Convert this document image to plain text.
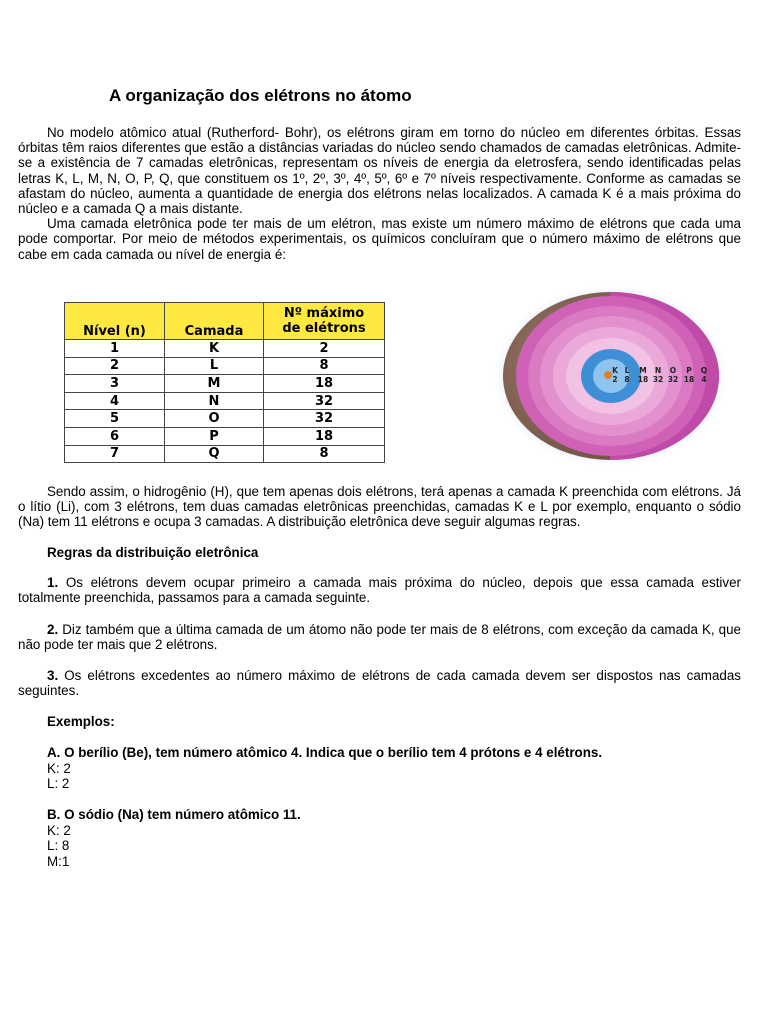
A organização dos elétrons no átomo

No modelo atômico atual (Rutherford- Bohr), os elétrons giram em torno do núcleo em diferentes órbitas. Essas órbitas têm raios diferentes que estão a distâncias variadas do núcleo sendo chamados de camadas eletrônicas. Admite-se a existência de 7 camadas eletrônicas, representam os níveis de energia da eletrosfera, sendo identificadas pelas letras K, L, M, N, O, P, Q, que constituem os 1º, 2º, 3º, 4º, 5º, 6º e 7º níveis respectivamente. Conforme as camadas se afastam do núcleo, aumenta a quantidade de energia dos elétrons nelas localizados. A camada K é a mais próxima do núcleo e a camada Q a mais distante.

Uma camada eletrônica pode ter mais de um elétron, mas existe um número máximo de elétrons que cada uma pode comportar. Por meio de métodos experimentais, os químicos concluíram que o número máximo de elétrons que cabe em cada camada ou nível de energia é:

Nível (n)	Camada	Nº máximo
de elétrons

1	K	2
2	L	8
3	M	18
4	N	32
5	O	32
6	P	18
7	Q	8
K L M N O P Q
2 8 18 32 32 18 4

Sendo assim, o hidrogênio (H), que tem apenas dois elétrons, terá apenas a camada K preenchida com elétrons. Já o lítio (Li), com 3 elétrons, tem duas camadas eletrônicas preenchidas, camadas K e L por exemplo, enquanto o sódio (Na) tem 11 elétrons e ocupa 3 camadas. A distribuição eletrônica deve seguir algumas regras.

Regras da distribuição eletrônica

1. Os elétrons devem ocupar primeiro a camada mais próxima do núcleo, depois que essa camada estiver totalmente preenchida, passamos para a camada seguinte.

2. Diz também que a última camada de um átomo não pode ter mais de 8 elétrons, com exceção da camada K, que não pode ter mais que 2 elétrons.

3. Os elétrons excedentes ao número máximo de elétrons de cada camada devem ser dispostos nas camadas seguintes.

Exemplos:

A. O berílio (Be), tem número atômico 4. Indica que o berílio tem 4 prótons e 4 elétrons.
K: 2
L: 2
B. O sódio (Na) tem número atômico 11.
K: 2
L: 8
M:1
